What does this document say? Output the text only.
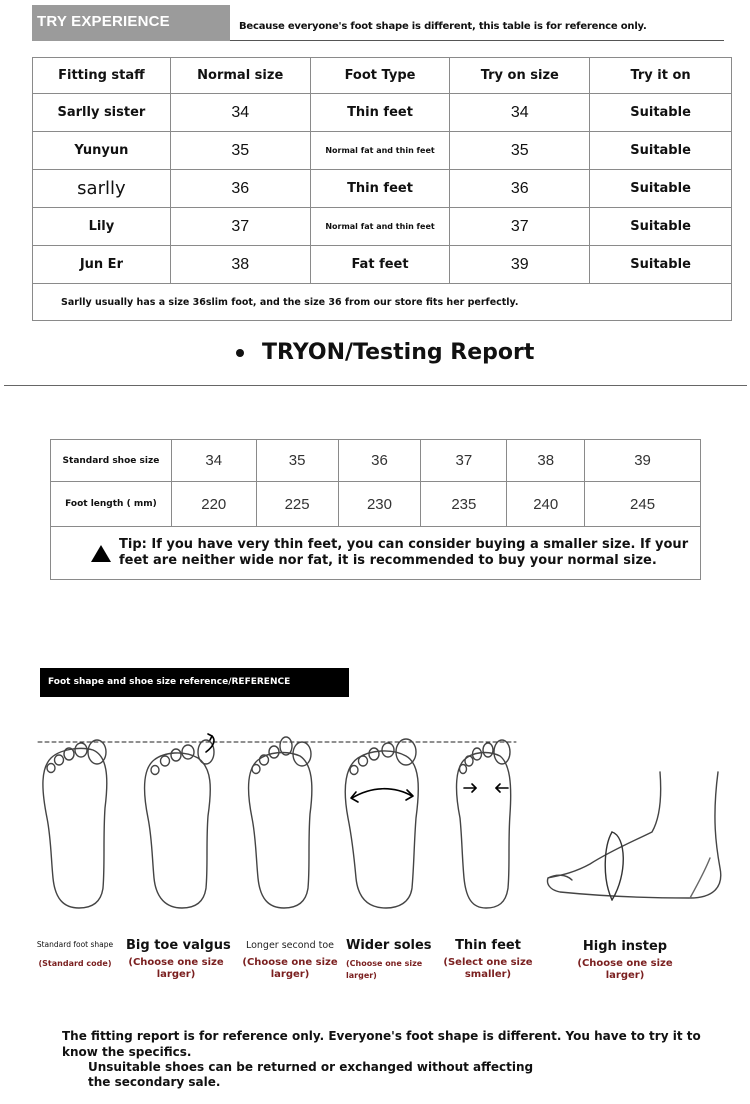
TRY EXPERIENCE	Because everyone's foot shape is different, this table is for reference only.
Fitting staff	Normal size	Foot Type	Try on size	Try it on
Sarlly sister	34	Thin feet	34	Suitable
Yunyun	35	Normal fat and thin feet	35	Suitable
sarlly	36	Thin feet	36	Suitable
Lily	37	Normal fat and thin feet	37	Suitable
Jun Er	38	Fat feet	39	Suitable
Sarlly usually has a size 36slim foot, and the size 36 from our store fits her perfectly.				
TRYON/Testing Report
Standard shoe size	34	35	36	37	38	39
Foot length ( mm)	220	225	230	235	240	245

Tip: If you have very thin feet, you can consider buying a smaller size. If your feet are neither wide nor fat, it is recommended to buy your normal size.						
Foot shape and shoe size reference/REFERENCE
Standard foot shape
(Standard code)
Big toe valgus
(Choose one size larger)
Longer second toe
(Choose one size larger)
Wider soles
(Choose one size larger)
Thin feet
(Select one size smaller)
High instep
(Choose one size larger)
The fitting report is for reference only. Everyone's foot shape is different. You have to try it to know the specifics.
Unsuitable shoes can be returned or exchanged without affecting the secondary sale.
